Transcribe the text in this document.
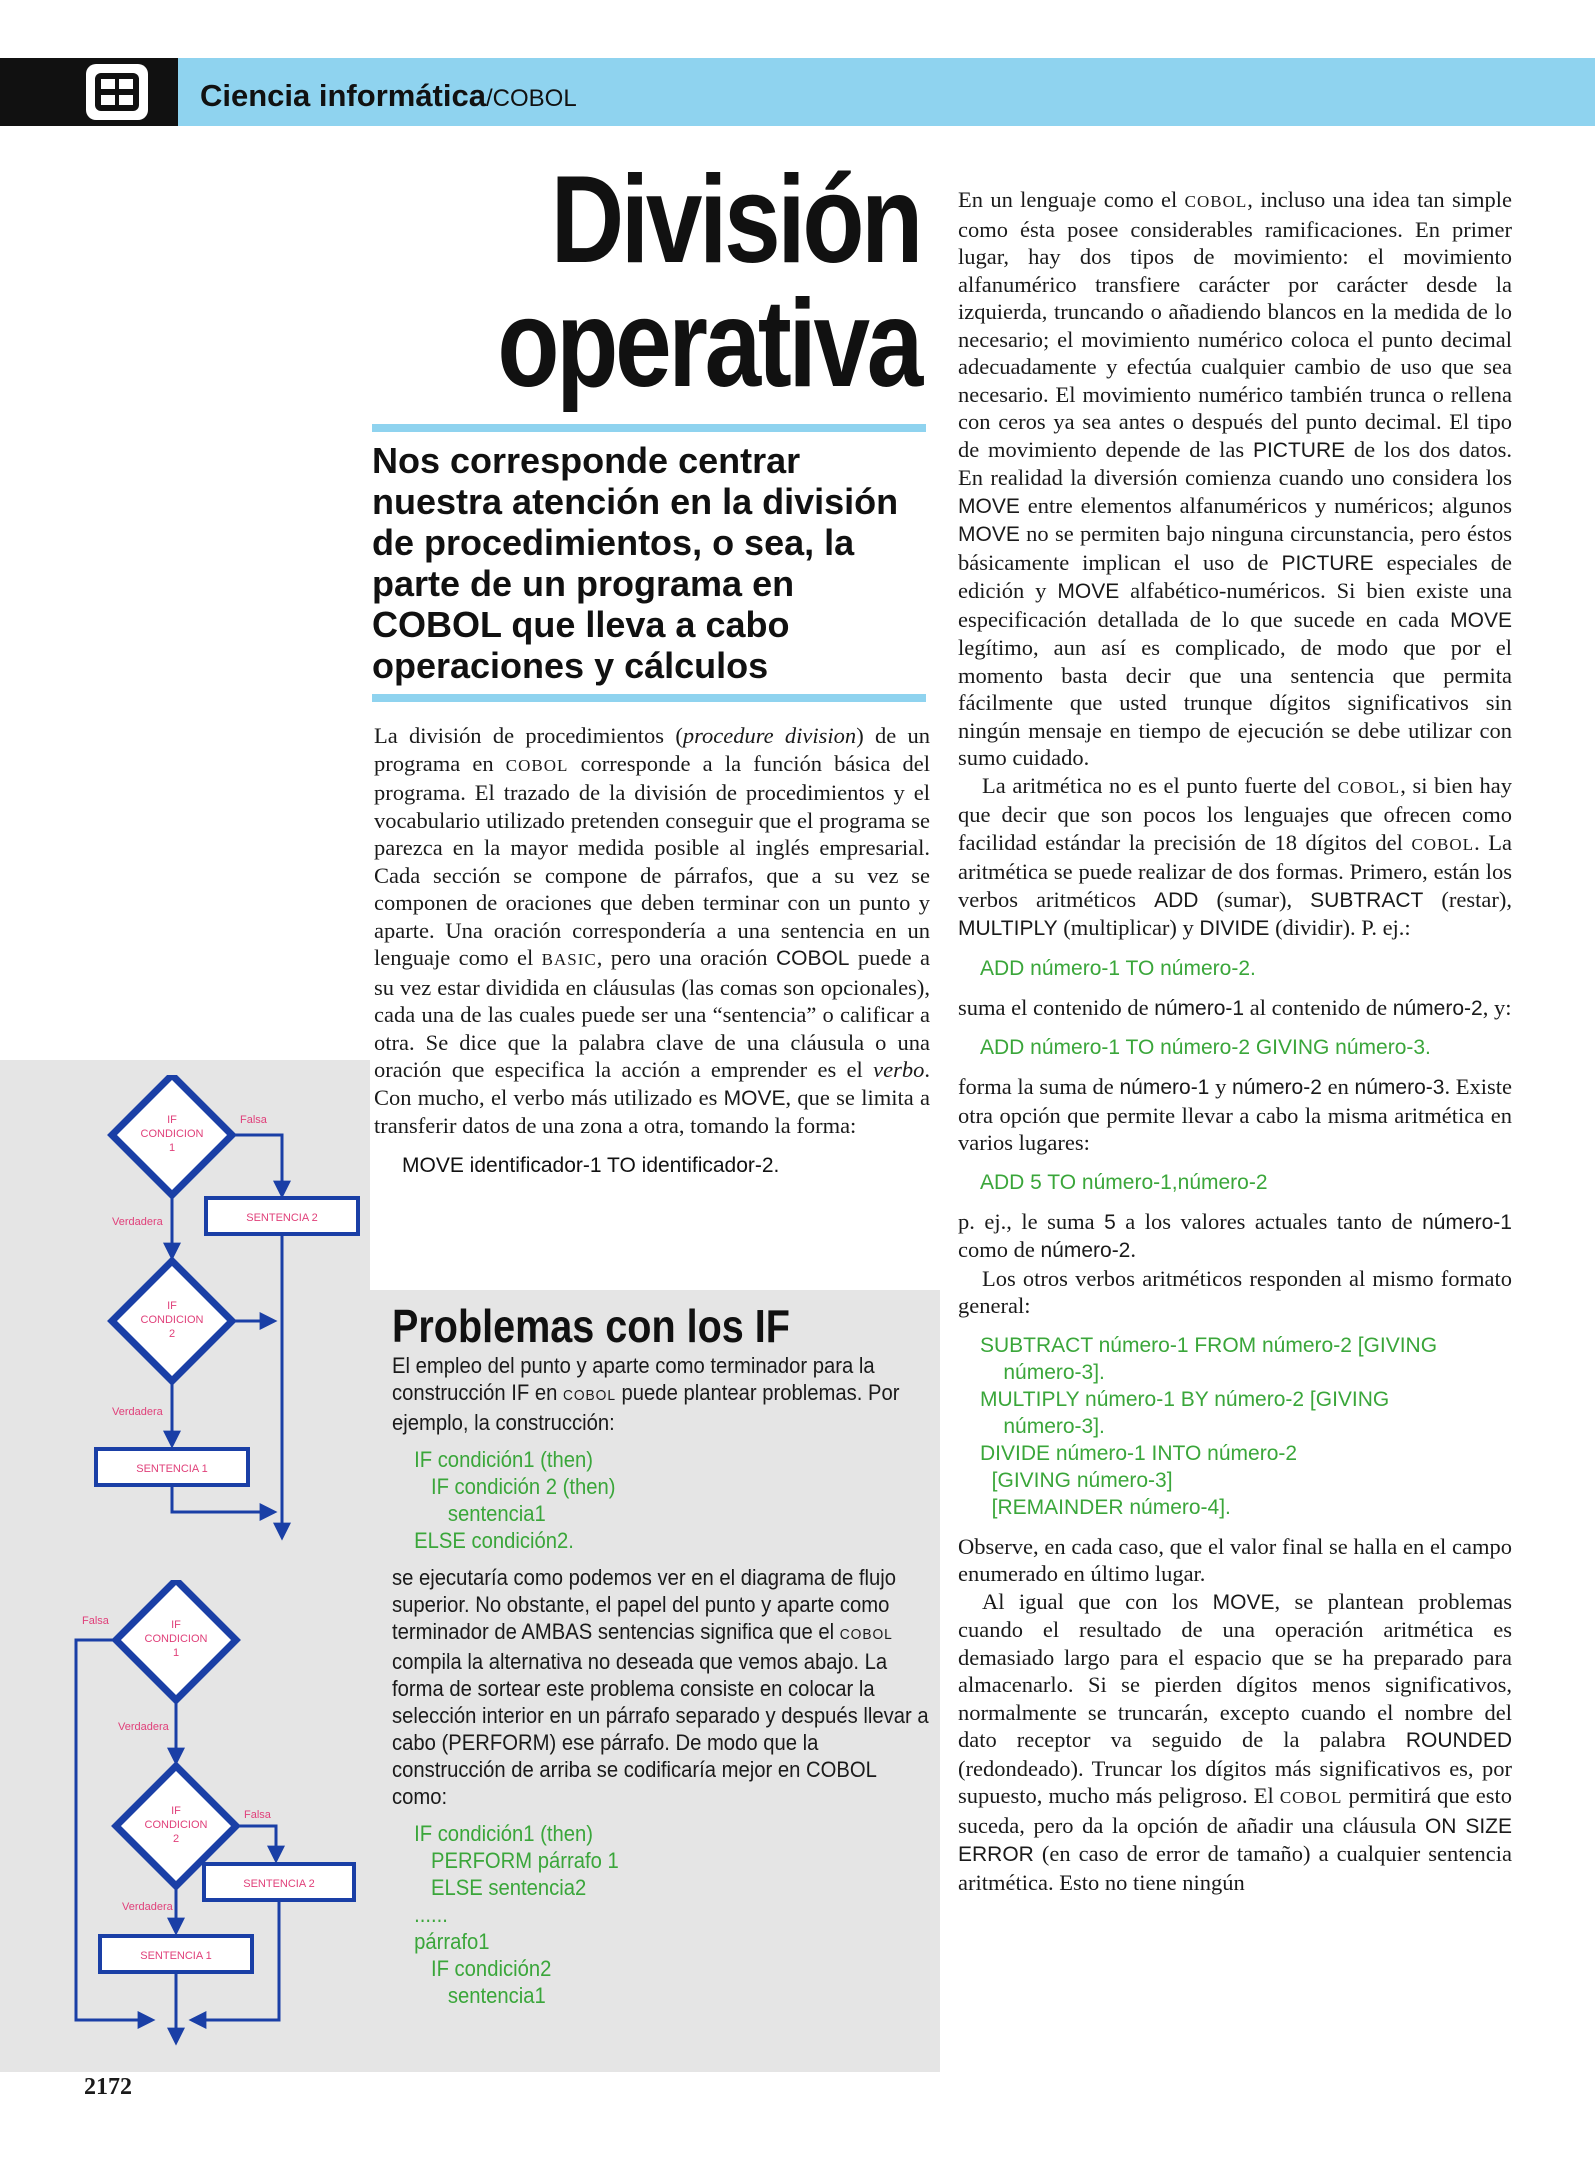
Ciencia informática/COBOL
División
operativa
Nos corresponde centrar nuestra atención en la división de procedimientos, o sea, la parte de un programa en COBOL que lleva a cabo operaciones y cálculos

La división de procedimientos (procedure division) de un programa en COBOL corresponde a la función básica del programa. El trazado de la división de procedimientos y el vocabulario utilizado pretenden conseguir que el programa se parezca en la mayor medida posible al inglés empresarial. Cada sección se compone de párrafos, que a su vez se componen de oraciones que deben terminar con un punto y aparte. Una oración correspondería a una sentencia en un lenguaje como el BASIC, pero una oración COBOL puede a su vez estar dividida en cláusulas (las comas son opcionales), cada una de las cuales puede ser una “sentencia” o calificar a otra. Se dice que la palabra clave de una cláusula o una oración que especifica la acción a emprender es el verbo. Con mucho, el verbo más utilizado es MOVE, que se limita a transferir datos de una zona a otra, tomando la forma:

MOVE identificador-1 TO identificador-2.

En un lenguaje como el COBOL, incluso una idea tan simple como ésta posee considerables ramificaciones. En primer lugar, hay dos tipos de movimiento: el movimiento alfanumérico transfiere carácter por carácter desde la izquierda, truncando o añadiendo blancos en la medida de lo necesario; el movimiento numérico coloca el punto decimal adecuadamente y efectúa cualquier cambio de uso que sea necesario. El movimiento numérico también trunca o rellena con ceros ya sea antes o después del punto decimal. El tipo de movimiento depende de las PICTURE de los dos datos. En realidad la diversión comienza cuando uno considera los MOVE entre elementos alfanuméricos y numéricos; algunos MOVE no se permiten bajo ninguna circunstancia, pero éstos básicamente implican el uso de PICTURE especiales de edición y MOVE alfabético-numéricos. Si bien existe una especificación detallada de lo que sucede en cada MOVE legítimo, aun así es complicado, de modo que por el momento basta decir que una sentencia que permita fácilmente que usted trunque dígitos significativos sin ningún mensaje en tiempo de ejecución se debe utilizar con sumo cuidado.

La aritmética no es el punto fuerte del COBOL, si bien hay que decir que son pocos los lenguajes que ofrecen como facilidad estándar la precisión de 18 dígitos del COBOL. La aritmética se puede realizar de dos formas. Primero, están los verbos aritméticos ADD (sumar), SUBTRACT (restar), MULTIPLY (multiplicar) y DIVIDE (dividir). P. ej.:

ADD número-1 TO número-2.

suma el contenido de número-1 al contenido de número-2, y:

ADD número-1 TO número-2 GIVING número-3.

forma la suma de número-1 y número-2 en número-3. Existe otra opción que permite llevar a cabo la misma aritmética en varios lugares:

ADD 5 TO número-1,número-2

p. ej., le suma 5 a los valores actuales tanto de número-1 como de número-2.

Los otros verbos aritméticos responden al mismo formato general:

SUBTRACT número-1 FROM número-2 [GIVING
número-3].
MULTIPLY número-1 BY número-2 [GIVING
número-3].
DIVIDE número-1 INTO número-2
[GIVING número-3]
[REMAINDER número-4].

Observe, en cada caso, que el valor final se halla en el campo enumerado en último lugar.

Al igual que con los MOVE, se plantean problemas cuando el resultado de una operación aritmética es demasiado largo para el espacio que se ha preparado para almacenarlo. Si se pierden dígitos menos significativos, normalmente se truncarán, excepto cuando el nombre del dato receptor va seguido de la palabra ROUNDED (redondeado). Truncar los dígitos más significativos es, por supuesto, mucho más peligroso. El COBOL permitirá que esto suceda, pero da la opción de añadir una cláusula ON SIZE ERROR (en caso de error de tamaño) a cualquier sentencia aritmética. Esto no tiene ningún

Problemas con los IF

El empleo del punto y aparte como terminador para la construcción IF en COBOL puede plantear problemas. Por ejemplo, la construcción:

IF condición1 (then)
IF condición 2 (then)
sentencia1
ELSE condición2.

se ejecutaría como podemos ver en el diagrama de flujo superior. No obstante, el papel del punto y aparte como terminador de AMBAS sentencias significa que el COBOL compila la alternativa no deseada que vemos abajo. La forma de sortear este problema consiste en colocar la selección interior en un párrafo separado y después llevar a cabo (PERFORM) ese párrafo. De modo que la construcción de arriba se codificaría mejor en COBOL como:

IF condición1 (then)
PERFORM párrafo 1
ELSE sentencia2
......
párrafo1
IF condición2
sentencia1
IF
CONDICION
1
Falsa
SENTENCIA 2
Verdadera
IF
CONDICION
2
Verdadera
SENTENCIA 1
IF
CONDICION
1
Falsa
Verdadera
IF
CONDICION
2
Falsa
SENTENCIA 2
Verdadera
SENTENCIA 1
2172
